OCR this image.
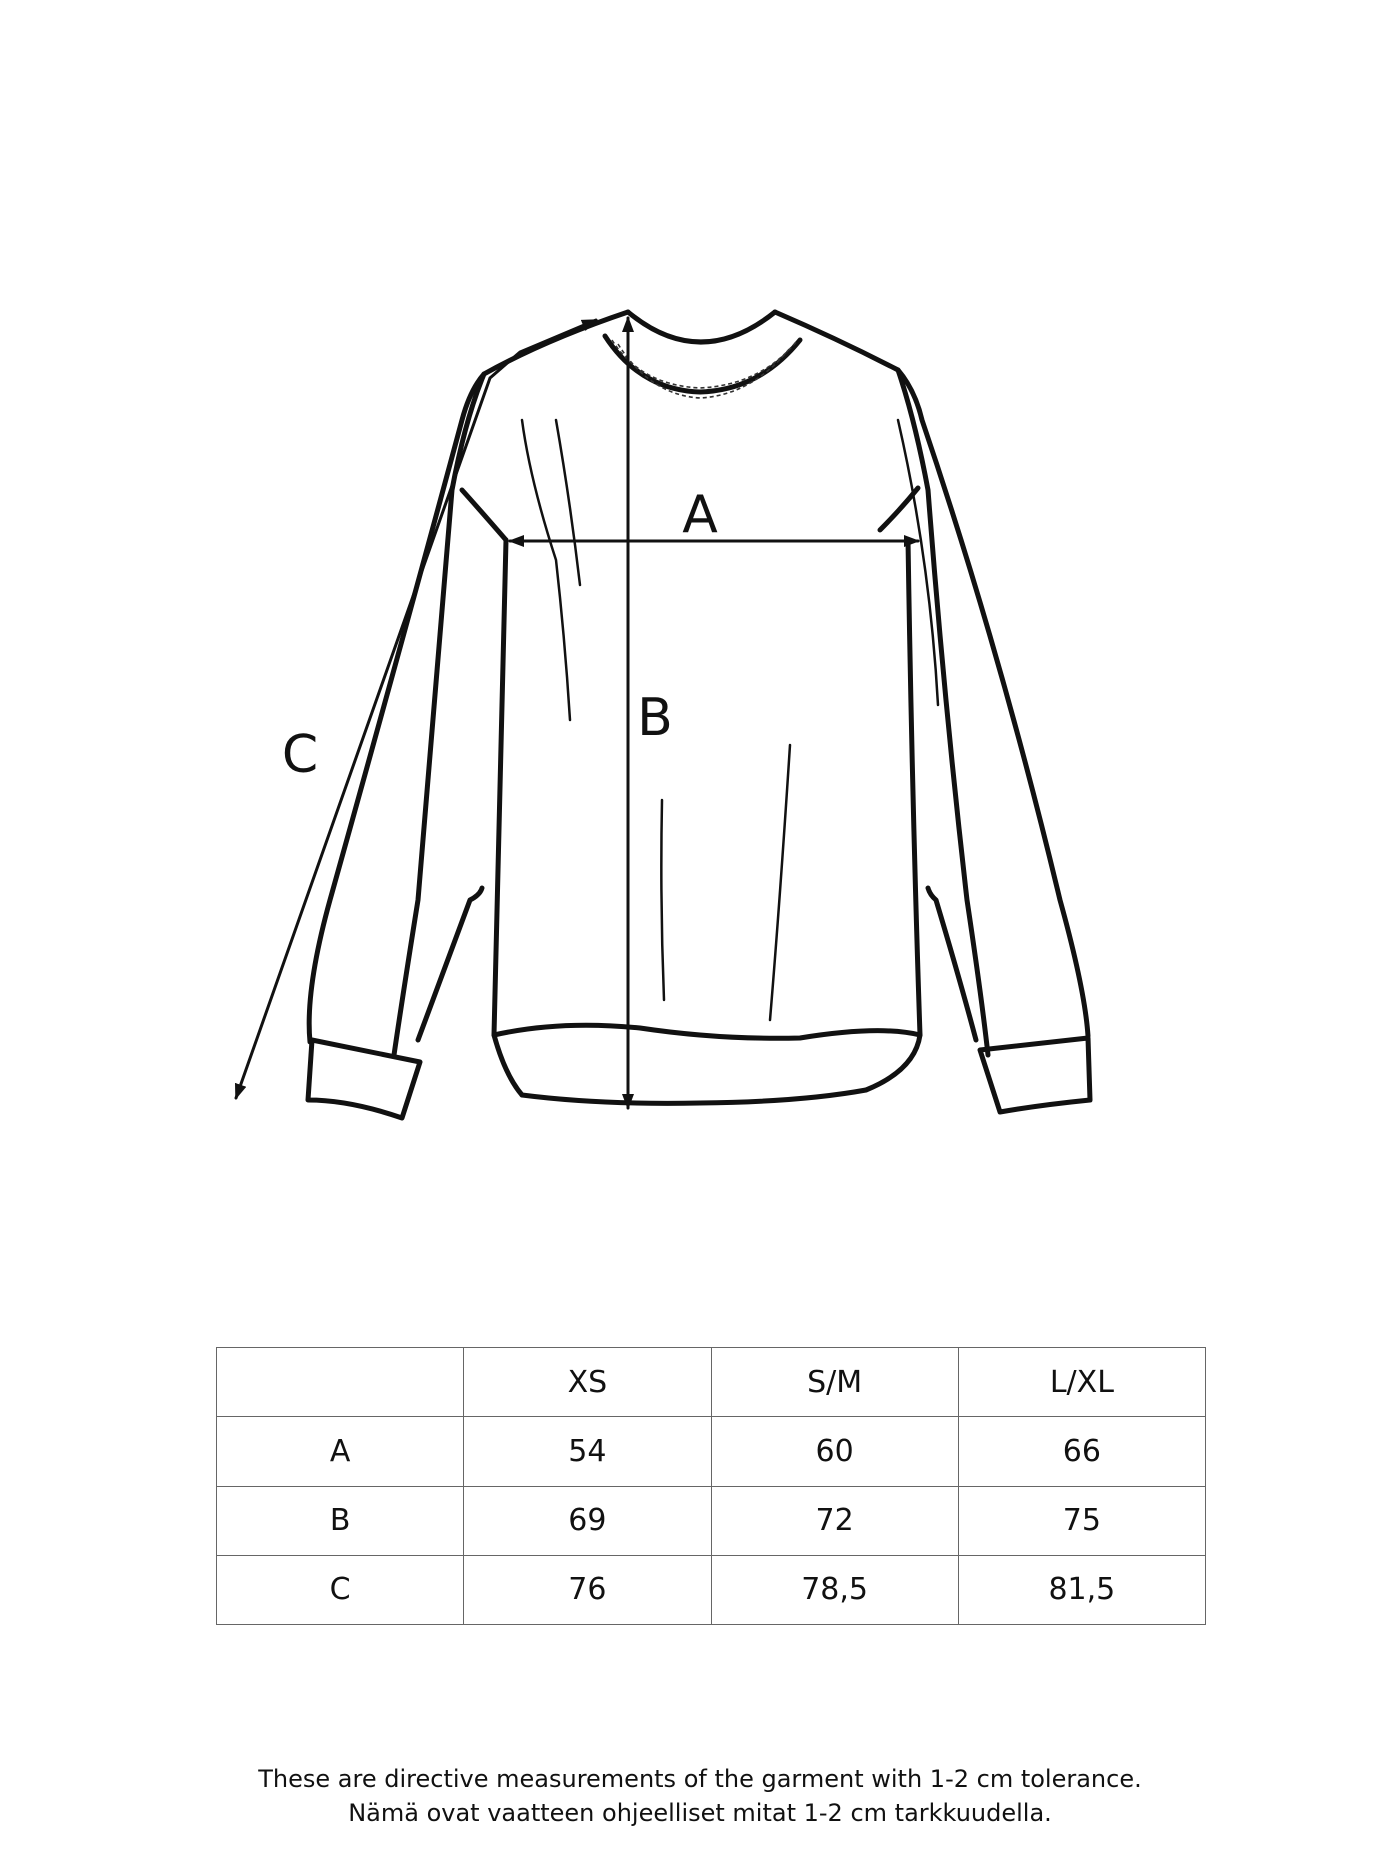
A
B
C
	XS	S/M	L/XL
A	54	60	66
B	69	72	75
C	76	78,5	81,5
These are directive measurements of the garment with 1-2 cm tolerance.
Nämä ovat vaatteen ohjeelliset mitat 1-2 cm tarkkuudella.
